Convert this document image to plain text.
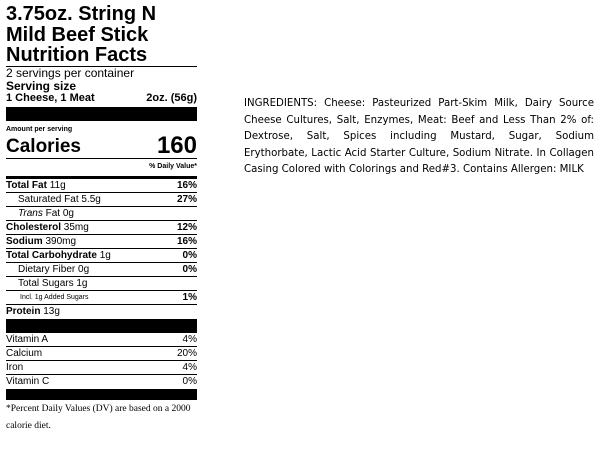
3.75oz. String N Mild Beef Stick
Nutrition Facts
2 servings per container
Serving size
1 Cheese, 1 Meat	2oz. (56g)
Amount per serving
Calories	160
% Daily Value*
Total Fat 11g	16%
Saturated Fat 5.5g	27%
Trans Fat 0g
Cholesterol 35mg	12%
Sodium 390mg	16%
Total Carbohydrate 1g	0%
Dietary Fiber 0g	0%
Total Sugars 1g
Incl. 1g Added Sugars	1%
Protein 13g
Vitamin A	4%
Calcium	20%
Iron	4%
Vitamin C	0%
*Percent Daily Values (DV) are based on a 2000 calorie diet.
INGREDIENTS: Cheese: Pasteurized Part-Skim Milk, Dairy Source Cheese Cultures, Salt, Enzymes, Meat: Beef and Less Than 2% of: Dextrose, Salt, Spices including Mustard, Sugar, Sodium Erythorbate, Lactic Acid Starter Culture, Sodium Nitrate. In Collagen Casing Colored with Colorings and Red#3. Contains Allergen: MILK
